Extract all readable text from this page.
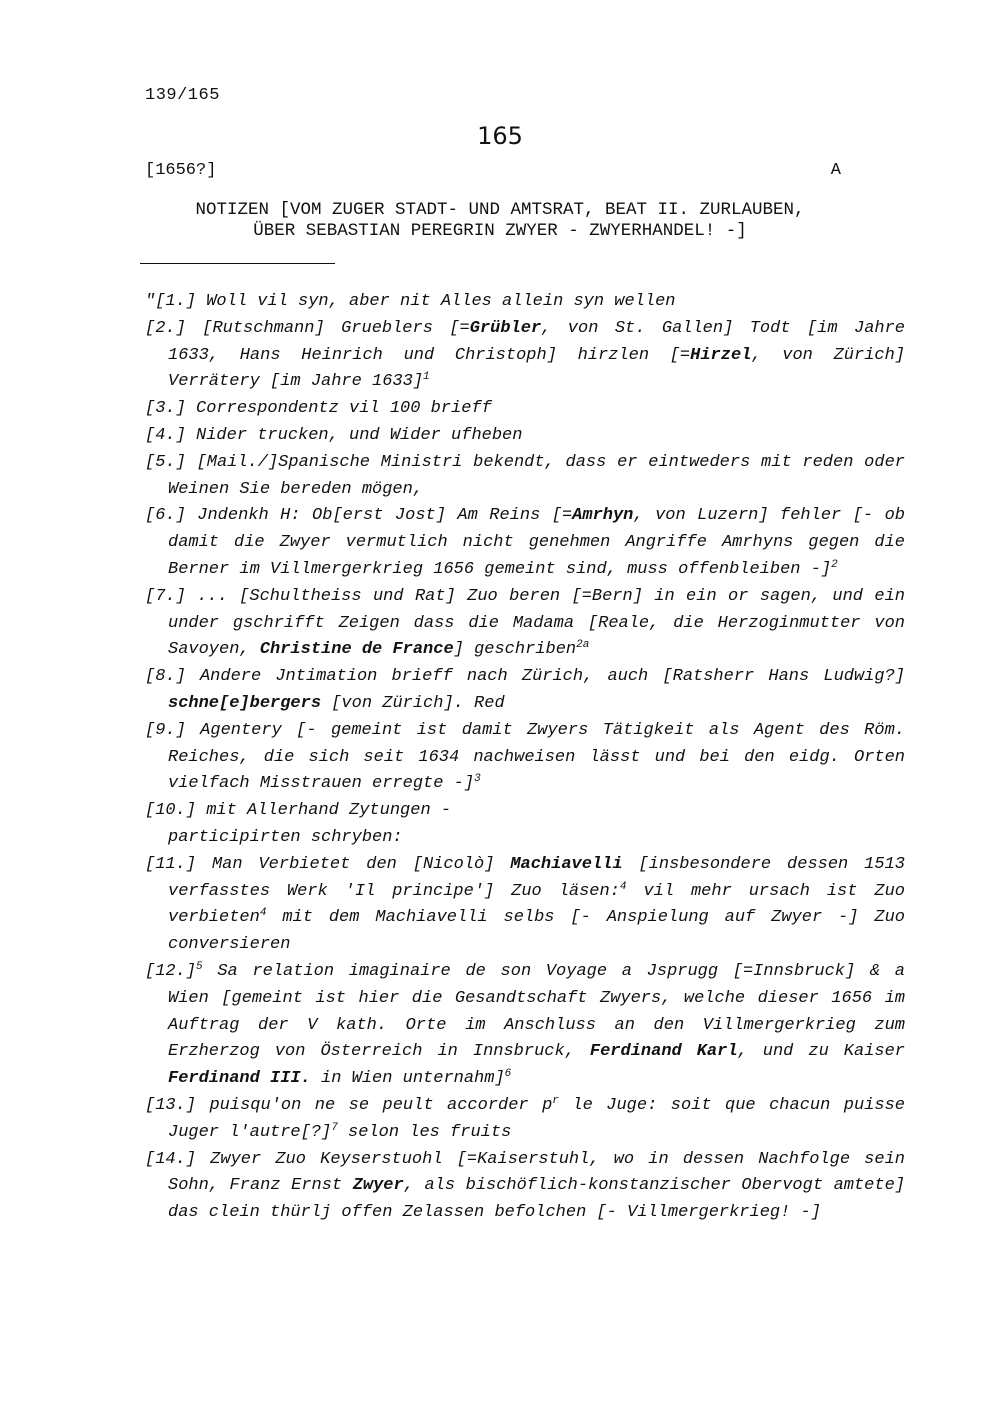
139/165
165
[1656?]	A
NOTIZEN [VOM ZUGER STADT- UND AMTSRAT, BEAT II. ZURLAUBEN,
ÜBER SEBASTIAN PEREGRIN ZWYER - ZWYERHANDEL! -]

"[1.] Woll vil syn, aber nit Alles allein syn wellen

[2.] [Rutschmann] Grueblers [=Grübler, von St. Gallen] Todt [im Jahre 1633, Hans Heinrich und Christoph] hirzlen [=Hirzel, von Zürich] Verrätery [im Jahre 1633]$^1$

[3.] Correspondentz vil 100 brieff

[4.] Nider trucken, und Wider ufheben

[5.] [Mail./]Spanische Ministri bekendt, dass er eintweders mit reden oder Weinen Sie bereden mögen,

[6.] Jndenkh H: Ob[erst Jost] Am Reins [=Amrhyn, von Luzern] fehler [- ob damit die Zwyer vermutlich nicht genehmen Angriffe Amrhyns gegen die Berner im Villmergerkrieg 1656 gemeint sind, muss offenbleiben -]$^2$

[7.] ... [Schultheiss und Rat] Zuo beren [=Bern] in ein or sagen, und ein under gschrifft Zeigen dass die Madama [Reale, die Herzoginmutter von Savoyen, Christine de France] geschriben$^{2a}$

[8.] Andere Jntimation brieff nach Zürich, auch [Ratsherr Hans Ludwig?] schne[e]bergers [von Zürich]. Red

[9.] Agentery [- gemeint ist damit Zwyers Tätigkeit als Agent des Röm. Reiches, die sich seit 1634 nachweisen lässt und bei den eidg. Orten vielfach Misstrauen erregte -]$^3$

[10.] mit Allerhand Zytungen -
participirten schryben:

[11.] Man Verbietet den [Nicolò] Machiavelli [insbesondere dessen 1513 verfasstes Werk 'Il principe'] Zuo läsen:$^4$ vil mehr ursach ist Zuo verbieten$^4$ mit dem Machiavelli selbs [- Anspielung auf Zwyer -] Zuo conversieren

$[12.]^5$ Sa relation imaginaire de son Voyage a Jsprugg [=Innsbruck] & a Wien [gemeint ist hier die Gesandtschaft Zwyers, welche dieser 1656 im Auftrag der V kath. Orte im Anschluss an den Villmergerkrieg zum Erzherzog von Österreich in Innsbruck, Ferdinand Karl, und zu Kaiser Ferdinand III. in Wien unternahm]$^6$

[13.] puisqu'on ne se peult accorder $p^r$ le Juge: soit que chacun puisse Juger l'autre[?]$^7$ selon les fruits

[14.] Zwyer Zuo Keyserstuohl [=Kaiserstuhl, wo in dessen Nachfolge sein Sohn, Franz Ernst Zwyer, als bischöflich-konstanzischer Obervogt amtete] das clein thürlj offen Zelassen befolchen [- Villmergerkrieg! -]
